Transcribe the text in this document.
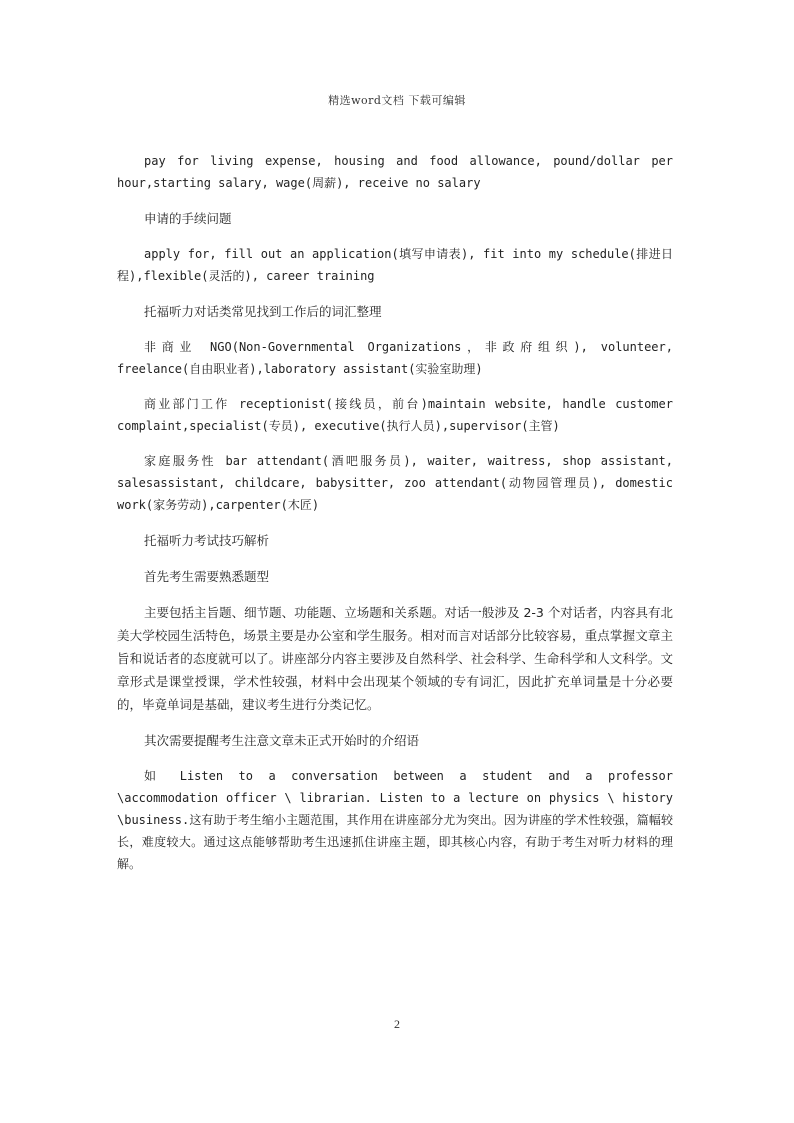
精选word文档 下载可编辑

pay for living expense, housing and food allowance, pound/dollar per hour,starting salary, wage(周薪), receive no salary

申请的手续问题

apply for, fill out an application(填写申请表), fit into my schedule(排进日程),flexible(灵活的), career training

托福听力对话类常见找到工作后的词汇整理

非商业 NGO(Non-Governmental Organizations，非政府组织), volunteer, freelance(自由职业者),laboratory assistant(实验室助理)

商业部门工作 receptionist(接线员，前台)maintain website, handle customer complaint,specialist(专员), executive(执行人员),supervisor(主管)

家庭服务性 bar attendant(酒吧服务员), waiter, waitress, shop assistant, salesassistant, childcare, babysitter, zoo attendant(动物园管理员), domestic work(家务劳动),carpenter(木匠)

托福听力考试技巧解析

首先考生需要熟悉题型

主要包括主旨题、细节题、功能题、立场题和关系题。对话一般涉及 2-3 个对话者，内容具有北美大学校园生活特色，场景主要是办公室和学生服务。相对而言对话部分比较容易，重点掌握文章主旨和说话者的态度就可以了。讲座部分内容主要涉及自然科学、社会科学、生命科学和人文科学。文章形式是课堂授课，学术性较强，材料中会出现某个领域的专有词汇，因此扩充单词量是十分必要的，毕竟单词是基础，建议考生进行分类记忆。

其次需要提醒考生注意文章未正式开始时的介绍语

如 Listen to a conversation between a student and a professor \accommodation officer \ librarian. Listen to a lecture on physics \ history \business.这有助于考生缩小主题范围，其作用在讲座部分尤为突出。因为讲座的学术性较强，篇幅较长，难度较大。通过这点能够帮助考生迅速抓住讲座主题，即其核心内容，有助于考生对听力材料的理解。

2
